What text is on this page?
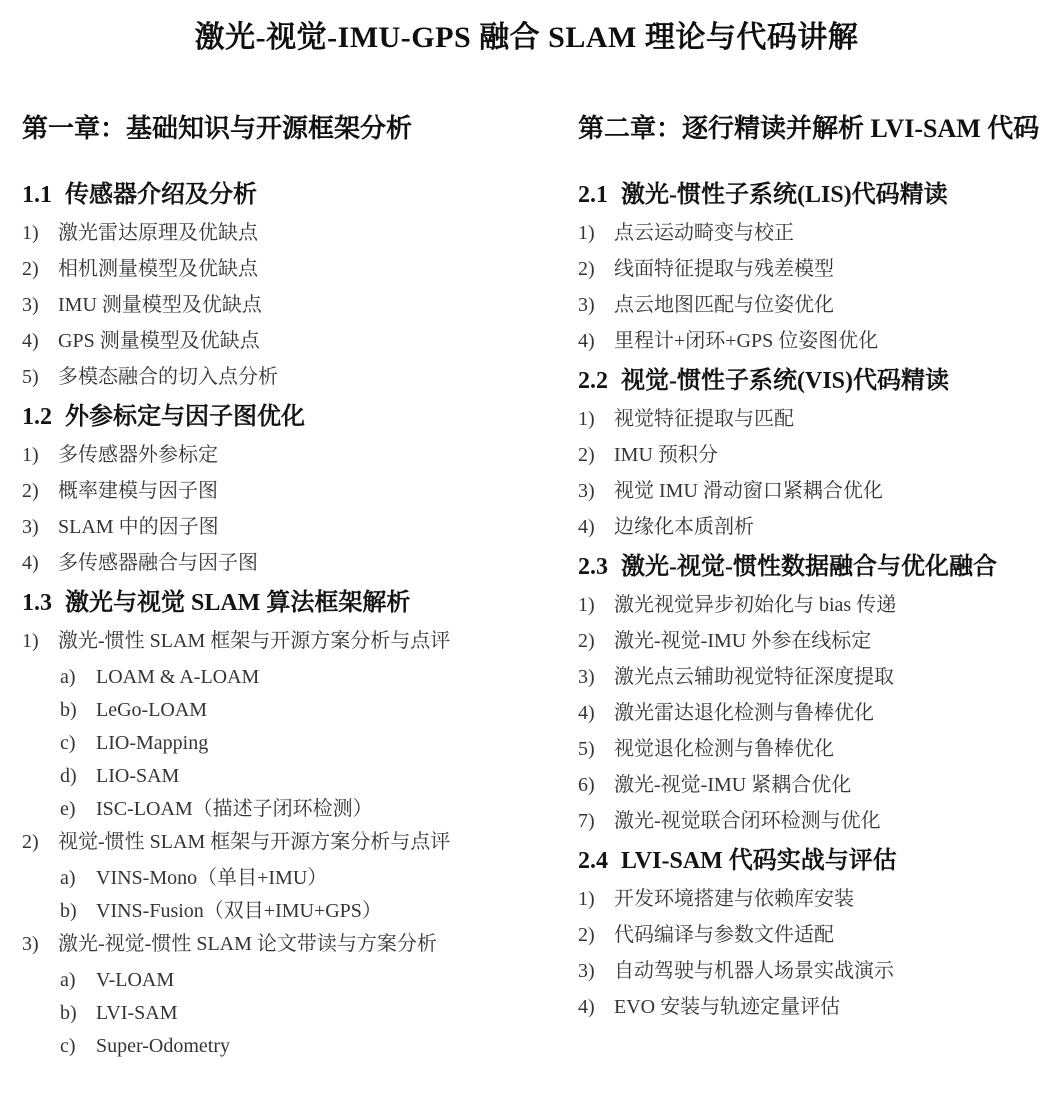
激光-视觉-IMU-GPS 融合 SLAM 理论与代码讲解
第一章：基础知识与开源框架分析
1.1 传感器介绍及分析
1) 激光雷达原理及优缺点
2) 相机测量模型及优缺点
3) IMU 测量模型及优缺点
4) GPS 测量模型及优缺点
5) 多模态融合的切入点分析
1.2 外参标定与因子图优化
1) 多传感器外参标定
2) 概率建模与因子图
3) SLAM 中的因子图
4) 多传感器融合与因子图
1.3 激光与视觉 SLAM 算法框架解析
1) 激光-惯性 SLAM 框架与开源方案分析与点评
a)	LOAM & A-LOAM
b) LeGo-LOAM
c)	LIO-Mapping
d) LIO-SAM
e)	ISC-LOAM（描述子闭环检测）
2) 视觉-惯性 SLAM 框架与开源方案分析与点评
a)	VINS-Mono（单目+IMU）
b) VINS-Fusion（双目+IMU+GPS）
3) 激光-视觉-惯性 SLAM 论文带读与方案分析
a)	V-LOAM
b) LVI-SAM
c)	Super-Odometry
第二章：逐行精读并解析 LVI-SAM 代码
2.1 激光-惯性子系统(LIS)代码精读
1) 点云运动畸变与校正
2) 线面特征提取与残差模型
3) 点云地图匹配与位姿优化
4) 里程计+闭环+GPS 位姿图优化
2.2 视觉-惯性子系统(VIS)代码精读
1) 视觉特征提取与匹配
2) IMU 预积分
3) 视觉 IMU 滑动窗口紧耦合优化
4) 边缘化本质剖析
2.3 激光-视觉-惯性数据融合与优化融合
1) 激光视觉异步初始化与 bias 传递
2) 激光-视觉-IMU 外参在线标定
3) 激光点云辅助视觉特征深度提取
4) 激光雷达退化检测与鲁棒优化
5) 视觉退化检测与鲁棒优化
6) 激光-视觉-IMU 紧耦合优化
7) 激光-视觉联合闭环检测与优化
2.4 LVI-SAM 代码实战与评估
1) 开发环境搭建与依赖库安装
2) 代码编译与参数文件适配
3) 自动驾驶与机器人场景实战演示
4) EVO 安装与轨迹定量评估
